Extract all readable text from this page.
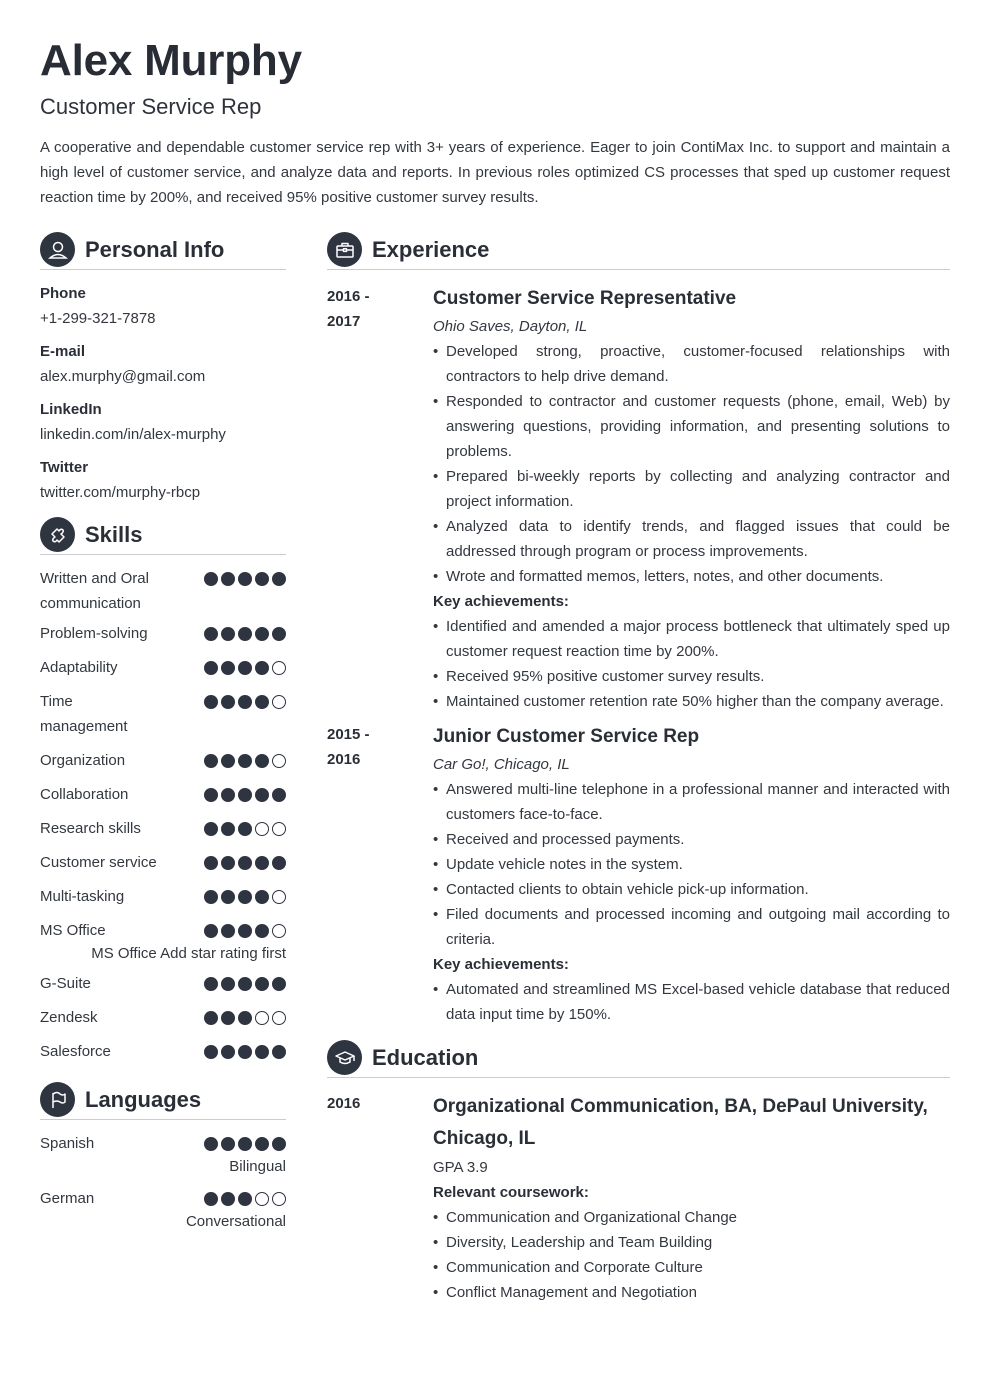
Alex Murphy
Customer Service Rep
A cooperative and dependable customer service rep with 3+ years of experience. Eager to join ContiMax Inc. to support and maintain a high level of customer service, and analyze data and reports. In previous roles optimized CS processes that sped up customer request reaction time by 200%, and received 95% positive customer survey results.
Personal Info
Phone
+1-299-321-7878
E-mail
alex.murphy@gmail.com
LinkedIn
linkedin.com/in/alex-murphy
Twitter
twitter.com/murphy-rbcp
Skills
Written and Oral communication
Problem-solving
Adaptability
Time management
Organization
Collaboration
Research skills
Customer service
Multi-tasking
MS Office
MS Office Add star rating first
G-Suite
Zendesk
Salesforce
Languages
Spanish
Bilingual
German
Conversational
Experience
2016 -
2017
Customer Service Representative
Ohio Saves, Dayton, IL
• Developed strong, proactive, customer-focused relationships with contractors to help drive demand.
• Responded to contractor and customer requests (phone, email, Web) by answering questions, providing information, and presenting solutions to problems.
• Prepared bi-weekly reports by collecting and analyzing contractor and project information.
• Analyzed data to identify trends, and flagged issues that could be addressed through program or process improvements.
• Wrote and formatted memos, letters, notes, and other documents.
Key achievements:
• Identified and amended a major process bottleneck that ultimately sped up customer request reaction time by 200%.
• Received 95% positive customer survey results.
• Maintained customer retention rate 50% higher than the company average.
2015 -
2016
Junior Customer Service Rep
Car Go!, Chicago, IL
• Answered multi-line telephone in a professional manner and interacted with customers face-to-face.
• Received and processed payments.
• Update vehicle notes in the system.
• Contacted clients to obtain vehicle pick-up information.
• Filed documents and processed incoming and outgoing mail according to criteria.
Key achievements:
• Automated and streamlined MS Excel-based vehicle database that reduced data input time by 150%.
Education
2016	Organizational Communication, BA, DePaul University, Chicago, IL
GPA 3.9
Relevant coursework:
• Communication and Organizational Change
• Diversity, Leadership and Team Building
• Communication and Corporate Culture
• Conflict Management and Negotiation
